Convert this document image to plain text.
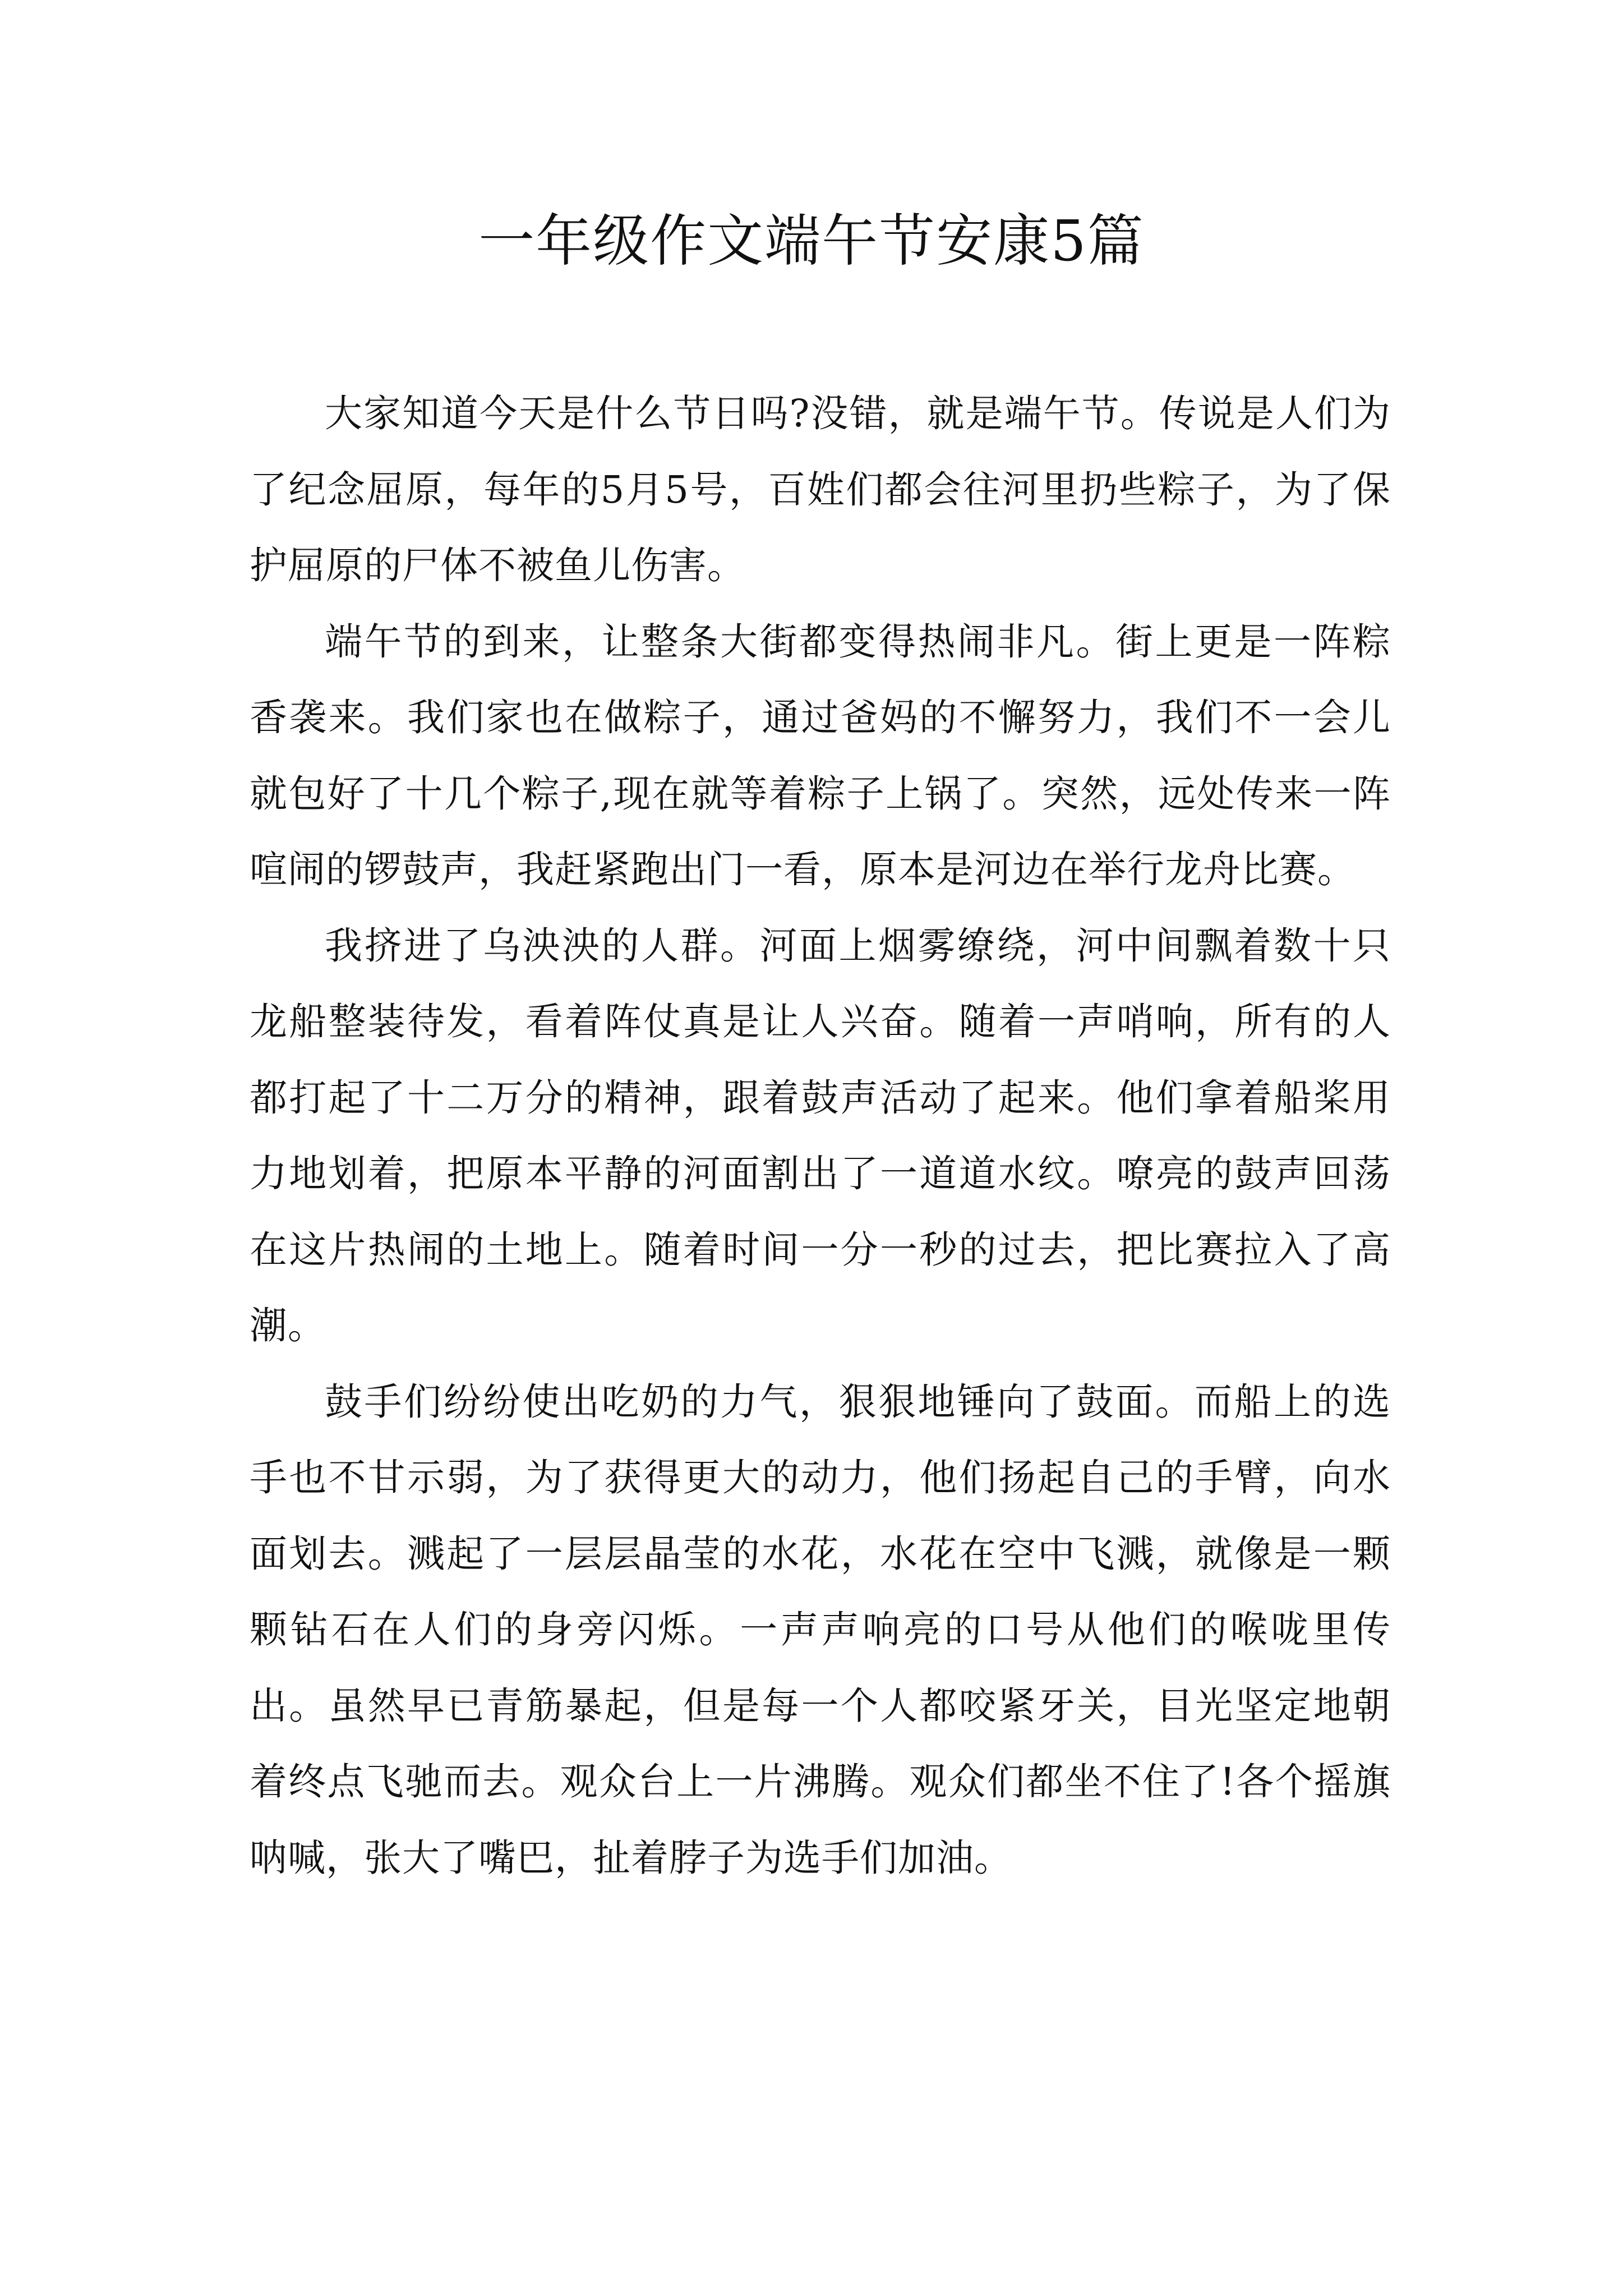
一年级作文端午节安康5篇

大家知道今天是什么节日吗?没错，就是端午节。传说是人们为了纪念屈原，每年的5月5号，百姓们都会往河里扔些粽子，为了保护屈原的尸体不被鱼儿伤害。

端午节的到来，让整条大街都变得热闹非凡。街上更是一阵粽香袭来。我们家也在做粽子，通过爸妈的不懈努力，我们不一会儿就包好了十几个粽子,现在就等着粽子上锅了。突然，远处传来一阵喧闹的锣鼓声，我赶紧跑出门一看，原本是河边在举行龙舟比赛。

我挤进了乌泱泱的人群。河面上烟雾缭绕，河中间飘着数十只龙船整装待发，看着阵仗真是让人兴奋。随着一声哨响，所有的人都打起了十二万分的精神，跟着鼓声活动了起来。他们拿着船桨用力地划着，把原本平静的河面割出了一道道水纹。嘹亮的鼓声回荡在这片热闹的土地上。随着时间一分一秒的过去，把比赛拉入了高潮。

鼓手们纷纷使出吃奶的力气，狠狠地锤向了鼓面。而船上的选手也不甘示弱，为了获得更大的动力，他们扬起自己的手臂，向水面划去。溅起了一层层晶莹的水花，水花在空中飞溅，就像是一颗颗钻石在人们的身旁闪烁。一声声响亮的口号从他们的喉咙里传出。虽然早已青筋暴起，但是每一个人都咬紧牙关，目光坚定地朝着终点飞驰而去。观众台上一片沸腾。观众们都坐不住了!各个摇旗呐喊，张大了嘴巴，扯着脖子为选手们加油。
